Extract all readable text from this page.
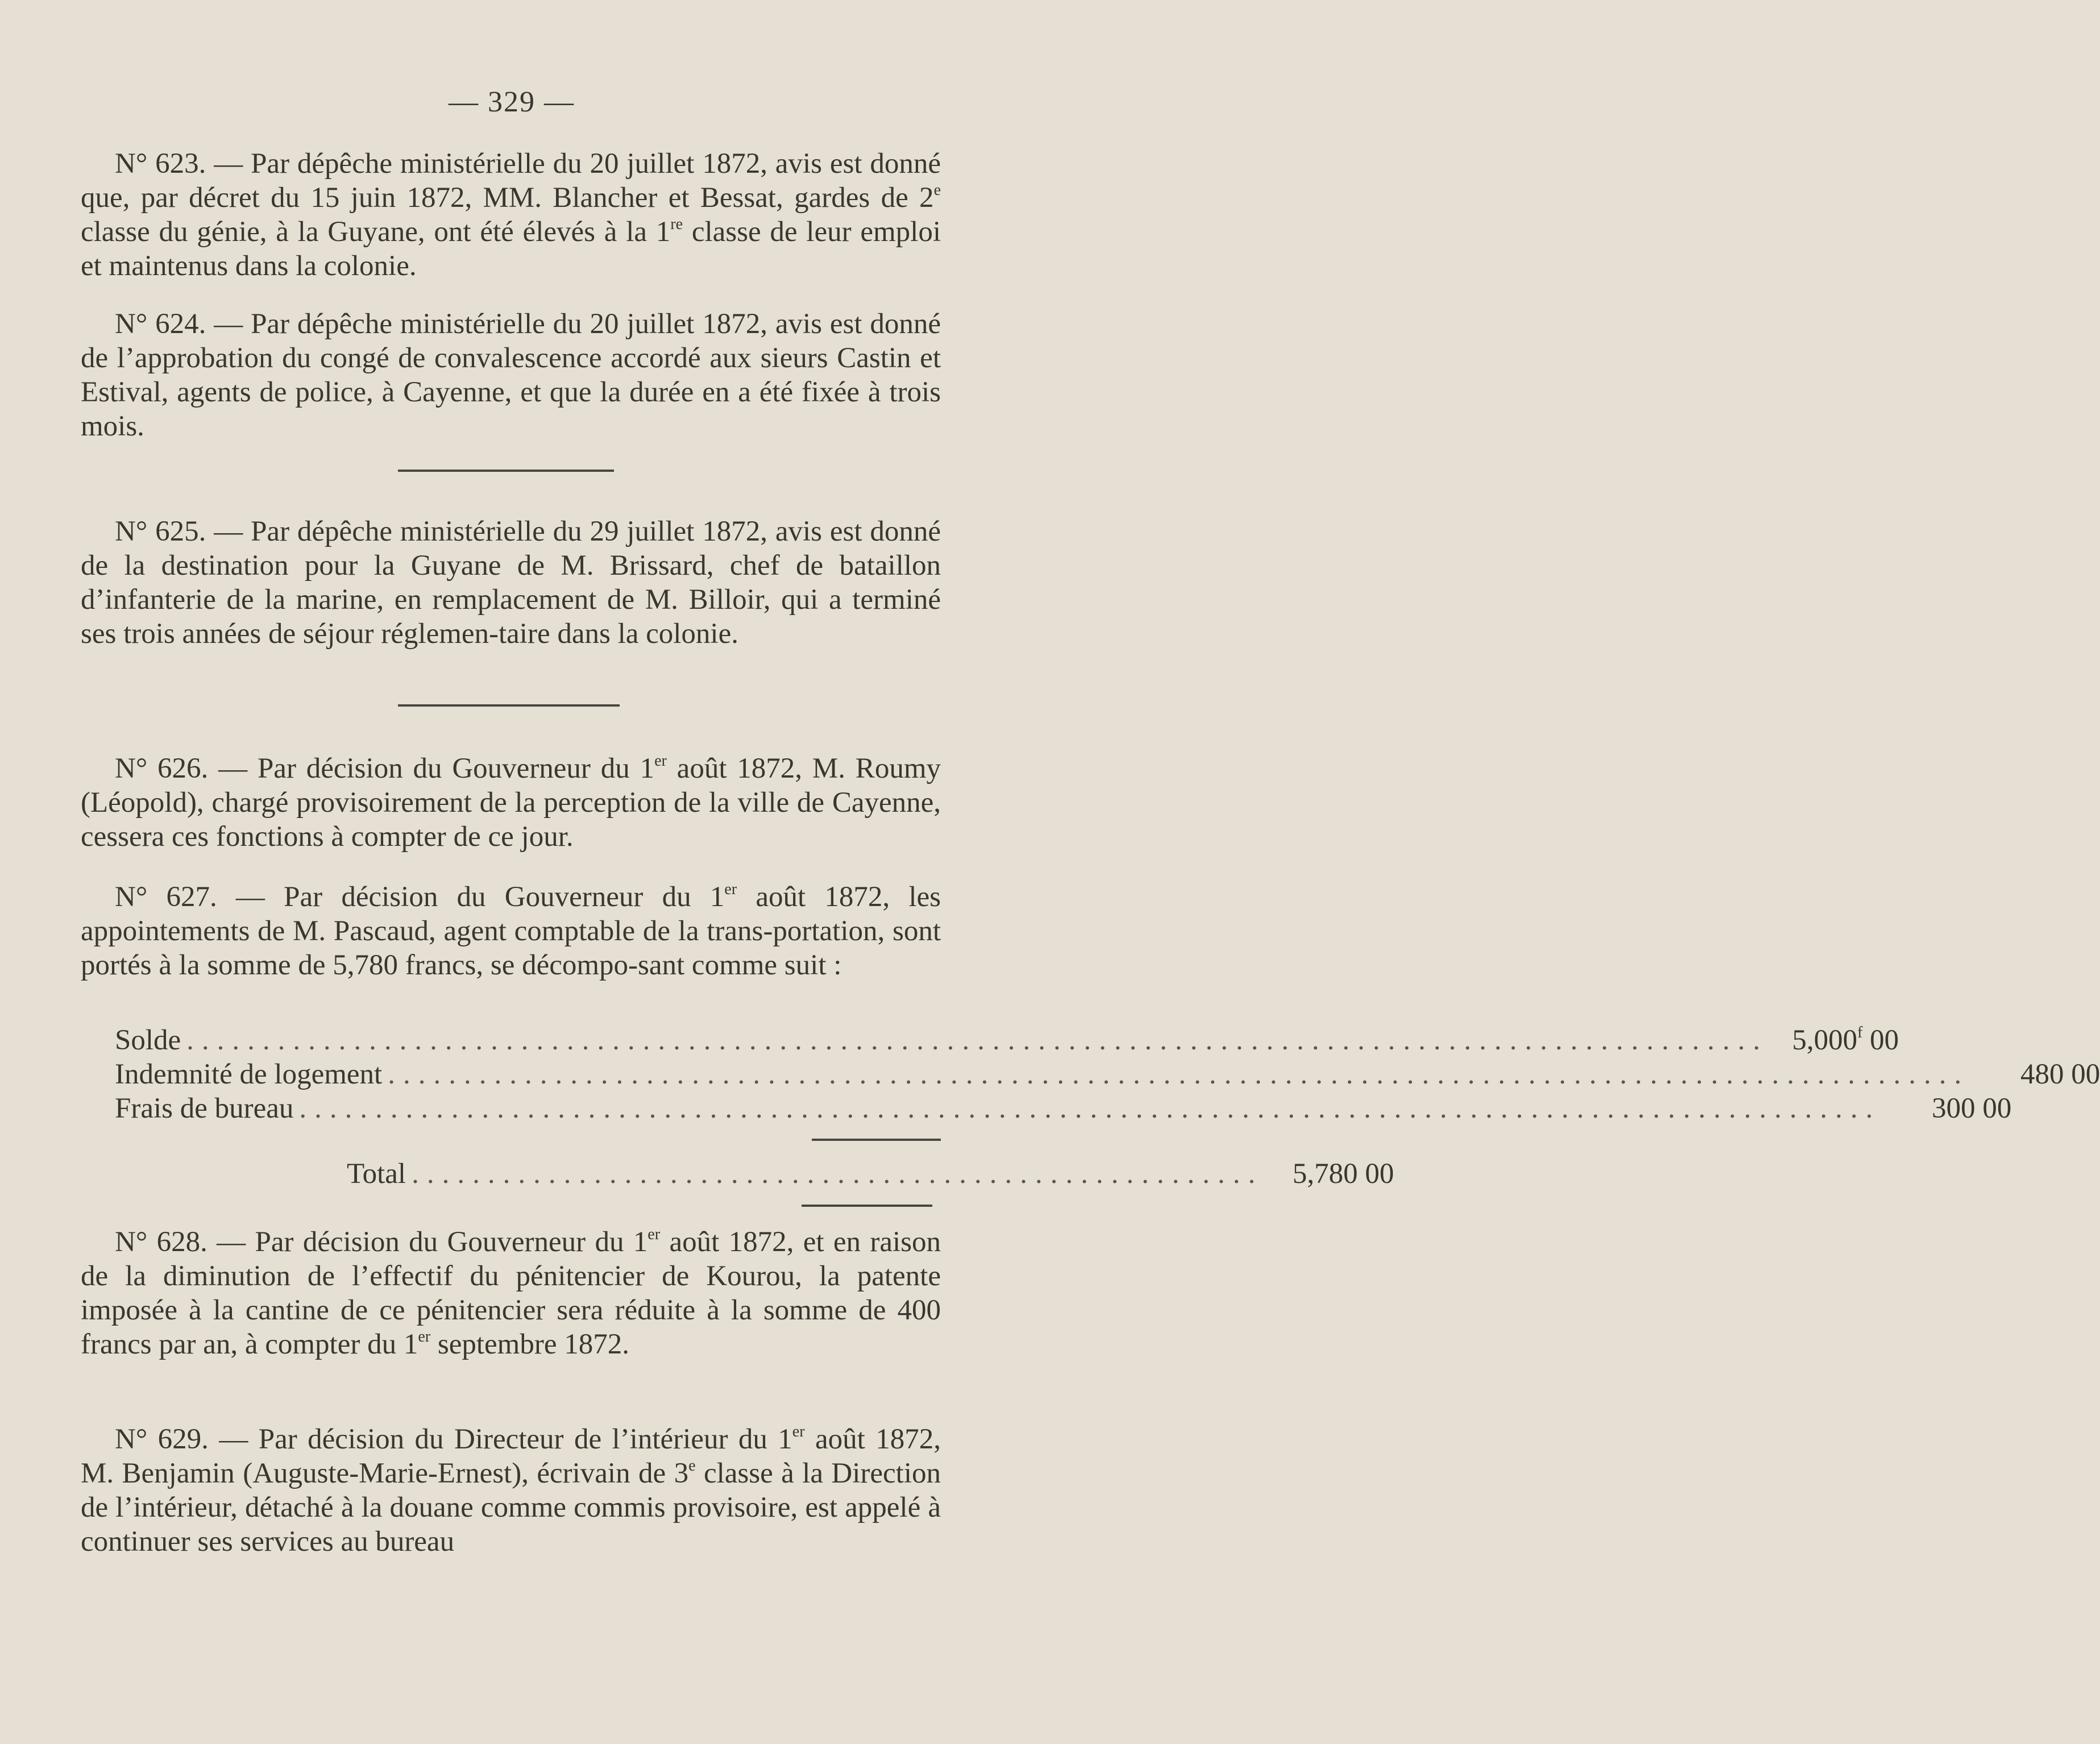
— 329 —

N° 623. — Par dépêche ministérielle du 20 juillet 1872, avis est donné que, par décret du 15 juin 1872, MM. Blancher et Bessat, gardes de 2e classe du génie, à la Guyane, ont été élevés à la 1re classe de leur emploi et maintenus dans la colonie.

N° 624. — Par dépêche ministérielle du 20 juillet 1872, avis est donné de l’approbation du congé de convalescence accordé aux sieurs Castin et Estival, agents de police, à Cayenne, et que la durée en a été fixée à trois mois.

N° 625. — Par dépêche ministérielle du 29 juillet 1872, avis est donné de la destination pour la Guyane de M. Brissard, chef de bataillon d’infanterie de la marine, en remplacement de M. Billoir, qui a terminé ses trois années de séjour réglemen-taire dans la colonie.

N° 626. — Par décision du Gouverneur du 1er août 1872, M. Roumy (Léopold), chargé provisoirement de la perception de la ville de Cayenne, cessera ces fonctions à compter de ce jour.

N° 627. — Par décision du Gouverneur du 1er août 1872, les appointements de M. Pascaud, agent comptable de la trans-portation, sont portés à la somme de 5,780 francs, se décompo-sant comme suit :

Solde ........................................................................................................ 5,000$^f$ 00
Indemnité de logement ........................................................................................................	480 00
Frais de bureau ........................................................................................................	300 00
Total ........................................................	5,780 00

N° 628. — Par décision du Gouverneur du 1er août 1872, et en raison de la diminution de l’effectif du pénitencier de Kourou, la patente imposée à la cantine de ce pénitencier sera réduite à la somme de 400 francs par an, à compter du 1er septembre 1872.

N° 629. — Par décision du Directeur de l’intérieur du 1er août 1872, M. Benjamin (Auguste-Marie-Ernest), écrivain de 3e classe à la Direction de l’intérieur, détaché à la douane comme commis provisoire, est appelé à continuer ses services au bureau
